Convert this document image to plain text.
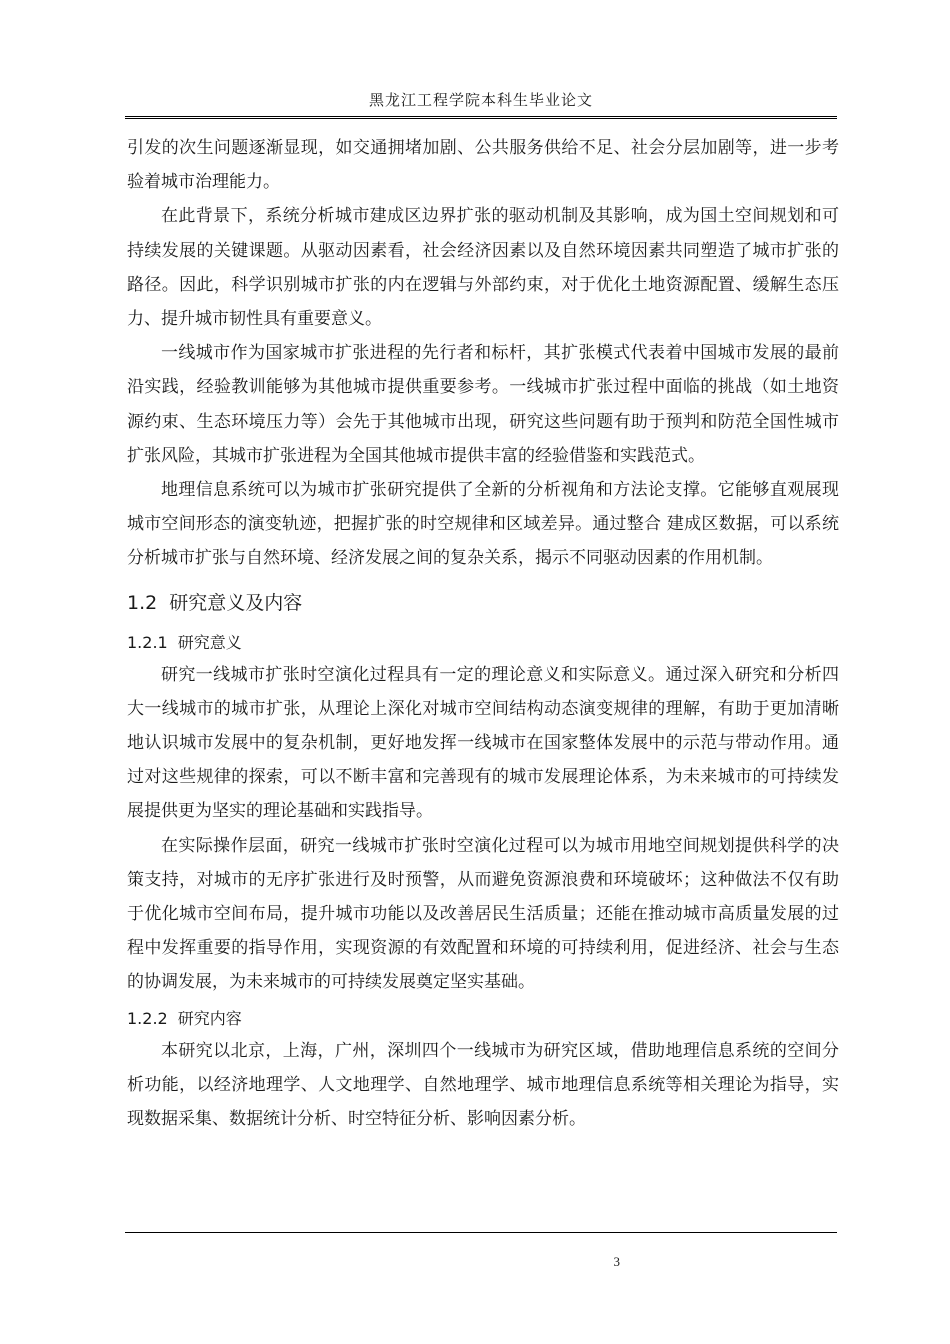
黑龙江工程学院本科生毕业论文

引发的次生问题逐渐显现，如交通拥堵加剧、公共服务供给不足、社会分层加剧等，进一步考验着城市治理能力。

在此背景下，系统分析城市建成区边界扩张的驱动机制及其影响，成为国土空间规划和可持续发展的关键课题。从驱动因素看，社会经济因素以及自然环境因素共同塑造了城市扩张的路径。因此，科学识别城市扩张的内在逻辑与外部约束，对于优化土地资源配置、缓解生态压力、提升城市韧性具有重要意义。

一线城市作为国家城市扩张进程的先行者和标杆，其扩张模式代表着中国城市发展的最前沿实践，经验教训能够为其他城市提供重要参考。一线城市扩张过程中面临的挑战（如土地资源约束、生态环境压力等）会先于其他城市出现，研究这些问题有助于预判和防范全国性城市扩张风险，其城市扩张进程为全国其他城市提供丰富的经验借鉴和实践范式。

地理信息系统可以为城市扩张研究提供了全新的分析视角和方法论支撑。它能够直观展现城市空间形态的演变轨迹，把握扩张的时空规律和区域差异。通过整合 建成区数据，可以系统分析城市扩张与自然环境、经济发展之间的复杂关系，揭示不同驱动因素的作用机制。

1.2 研究意义及内容
1.2.1 研究意义

研究一线城市扩张时空演化过程具有一定的理论意义和实际意义。通过深入研究和分析四大一线城市的城市扩张，从理论上深化对城市空间结构动态演变规律的理解，有助于更加清晰地认识城市发展中的复杂机制，更好地发挥一线城市在国家整体发展中的示范与带动作用。通过对这些规律的探索，可以不断丰富和完善现有的城市发展理论体系，为未来城市的可持续发展提供更为坚实的理论基础和实践指导。

在实际操作层面，研究一线城市扩张时空演化过程可以为城市用地空间规划提供科学的决策支持，对城市的无序扩张进行及时预警，从而避免资源浪费和环境破坏；这种做法不仅有助于优化城市空间布局，提升城市功能以及改善居民生活质量；还能在推动城市高质量发展的过程中发挥重要的指导作用，实现资源的有效配置和环境的可持续利用，促进经济、社会与生态的协调发展，为未来城市的可持续发展奠定坚实基础。

1.2.2 研究内容

本研究以北京，上海，广州，深圳四个一线城市为研究区域，借助地理信息系统的空间分析功能，以经济地理学、人文地理学、自然地理学、城市地理信息系统等相关理论为指导，实现数据采集、数据统计分析、时空特征分析、影响因素分析。

3
